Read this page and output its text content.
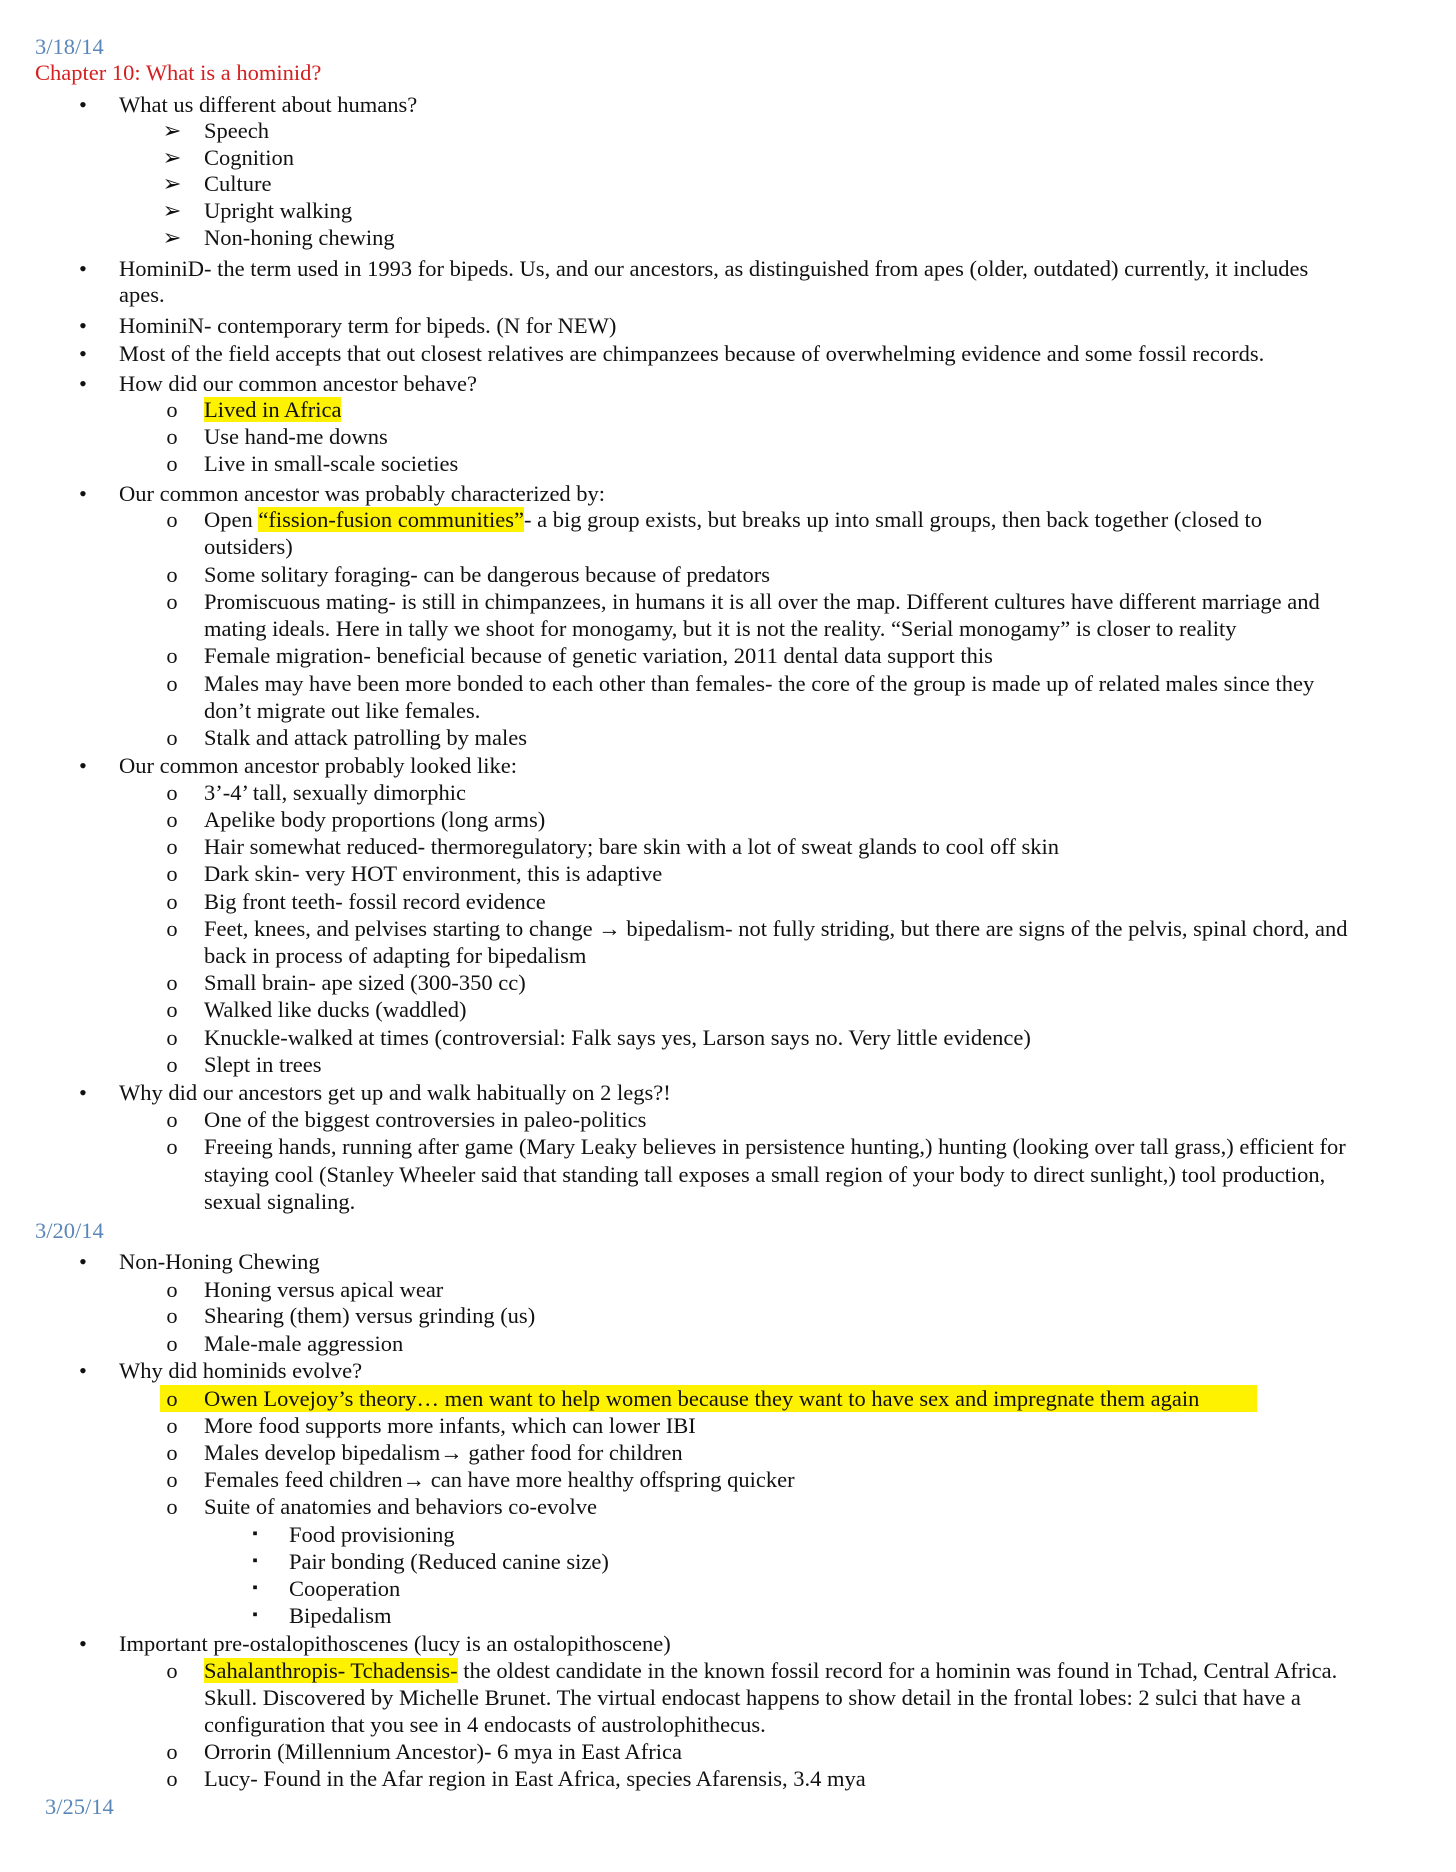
3/18/14
Chapter 10: What is a hominid?
• What us different about humans?
➢ Speech
➢ Cognition
➢ Culture
➢ Upright walking
➢ Non-honing chewing
• HominiD- the term used in 1993 for bipeds. Us, and our ancestors, as distinguished from apes (older, outdated) currently, it includes
apes.
• HominiN- contemporary term for bipeds. (N for NEW)
• Most of the field accepts that out closest relatives are chimpanzees because of overwhelming evidence and some fossil records.
• How did our common ancestor behave?
o Lived in Africa
o Use hand-me downs
o Live in small-scale societies
• Our common ancestor was probably characterized by:
o Open “fission-fusion communities”- a big group exists, but breaks up into small groups, then back together (closed to
outsiders)
o Some solitary foraging- can be dangerous because of predators
o Promiscuous mating- is still in chimpanzees, in humans it is all over the map. Different cultures have different marriage and
mating ideals. Here in tally we shoot for monogamy, but it is not the reality. “Serial monogamy” is closer to reality
o Female migration- beneficial because of genetic variation, 2011 dental data support this
o Males may have been more bonded to each other than females- the core of the group is made up of related males since they
don’t migrate out like females.
o Stalk and attack patrolling by males
• Our common ancestor probably looked like:
o 3’-4’ tall, sexually dimorphic
o Apelike body proportions (long arms)
o Hair somewhat reduced- thermoregulatory; bare skin with a lot of sweat glands to cool off skin
o Dark skin- very HOT environment, this is adaptive
o Big front teeth- fossil record evidence
o Feet, knees, and pelvises starting to change → bipedalism- not fully striding, but there are signs of the pelvis, spinal chord, and
back in process of adapting for bipedalism
o Small brain- ape sized (300-350 cc)
o Walked like ducks (waddled)
o Knuckle-walked at times (controversial: Falk says yes, Larson says no. Very little evidence)
o Slept in trees
• Why did our ancestors get up and walk habitually on 2 legs?!
o One of the biggest controversies in paleo-politics
o Freeing hands, running after game (Mary Leaky believes in persistence hunting,) hunting (looking over tall grass,) efficient for
staying cool (Stanley Wheeler said that standing tall exposes a small region of your body to direct sunlight,) tool production,
sexual signaling.
3/20/14
• Non-Honing Chewing
o Honing versus apical wear
o Shearing (them) versus grinding (us)
o Male-male aggression
• Why did hominids evolve?
o Owen Lovejoy’s theory… men want to help women because they want to have sex and impregnate them again
o More food supports more infants, which can lower IBI
o Males develop bipedalism→ gather food for children
o Females feed children→ can have more healthy offspring quicker
o Suite of anatomies and behaviors co-evolve
▪ Food provisioning
▪ Pair bonding (Reduced canine size)
▪ Cooperation
▪ Bipedalism
• Important pre-ostalopithoscenes (lucy is an ostalopithoscene)
o Sahalanthropis- Tchadensis- the oldest candidate in the known fossil record for a hominin was found in Tchad, Central Africa.
Skull. Discovered by Michelle Brunet. The virtual endocast happens to show detail in the frontal lobes: 2 sulci that have a
configuration that you see in 4 endocasts of austrolophithecus.
o Orrorin (Millennium Ancestor)- 6 mya in East Africa
o Lucy- Found in the Afar region in East Africa, species Afarensis, 3.4 mya
3/25/14
